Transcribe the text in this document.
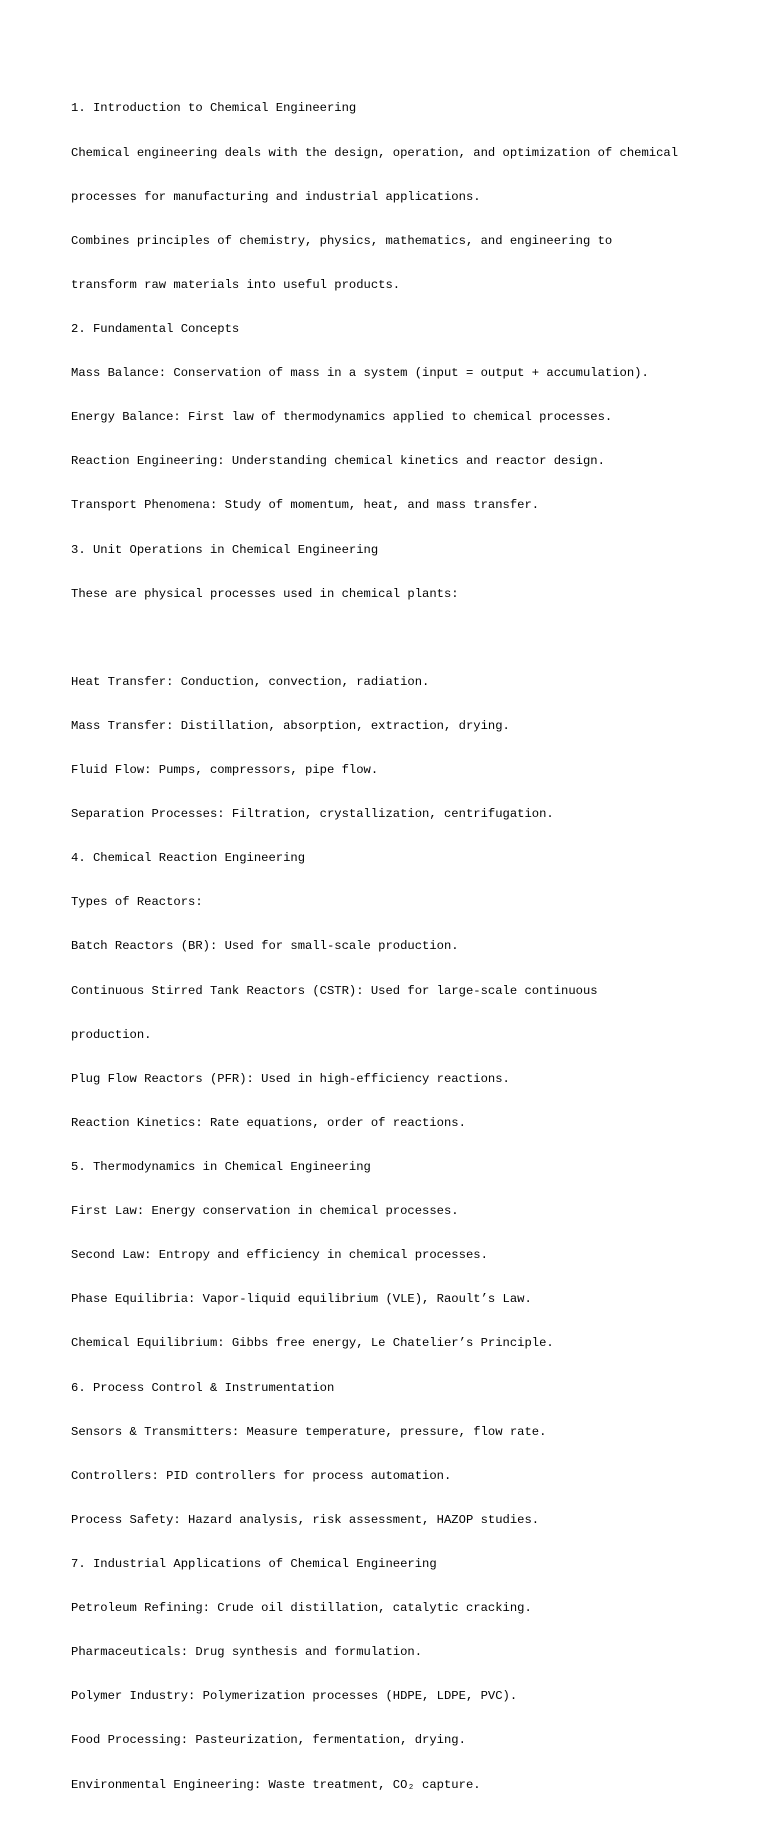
1. Introduction to Chemical Engineering

Chemical engineering deals with the design, operation, and optimization of chemical

processes for manufacturing and industrial applications.

Combines principles of chemistry, physics, mathematics, and engineering to

transform raw materials into useful products.

2. Fundamental Concepts

Mass Balance: Conservation of mass in a system (input = output + accumulation).

Energy Balance: First law of thermodynamics applied to chemical processes.

Reaction Engineering: Understanding chemical kinetics and reactor design.

Transport Phenomena: Study of momentum, heat, and mass transfer.

3. Unit Operations in Chemical Engineering

These are physical processes used in chemical plants:

Heat Transfer: Conduction, convection, radiation.

Mass Transfer: Distillation, absorption, extraction, drying.

Fluid Flow: Pumps, compressors, pipe flow.

Separation Processes: Filtration, crystallization, centrifugation.

4. Chemical Reaction Engineering

Types of Reactors:

Batch Reactors (BR): Used for small-scale production.

Continuous Stirred Tank Reactors (CSTR): Used for large-scale continuous

production.

Plug Flow Reactors (PFR): Used in high-efficiency reactions.

Reaction Kinetics: Rate equations, order of reactions.

5. Thermodynamics in Chemical Engineering

First Law: Energy conservation in chemical processes.

Second Law: Entropy and efficiency in chemical processes.

Phase Equilibria: Vapor-liquid equilibrium (VLE), Raoult’s Law.

Chemical Equilibrium: Gibbs free energy, Le Chatelier’s Principle.

6. Process Control & Instrumentation

Sensors & Transmitters: Measure temperature, pressure, flow rate.

Controllers: PID controllers for process automation.

Process Safety: Hazard analysis, risk assessment, HAZOP studies.

7. Industrial Applications of Chemical Engineering

Petroleum Refining: Crude oil distillation, catalytic cracking.

Pharmaceuticals: Drug synthesis and formulation.

Polymer Industry: Polymerization processes (HDPE, LDPE, PVC).

Food Processing: Pasteurization, fermentation, drying.

Environmental Engineering: Waste treatment, CO₂ capture.
